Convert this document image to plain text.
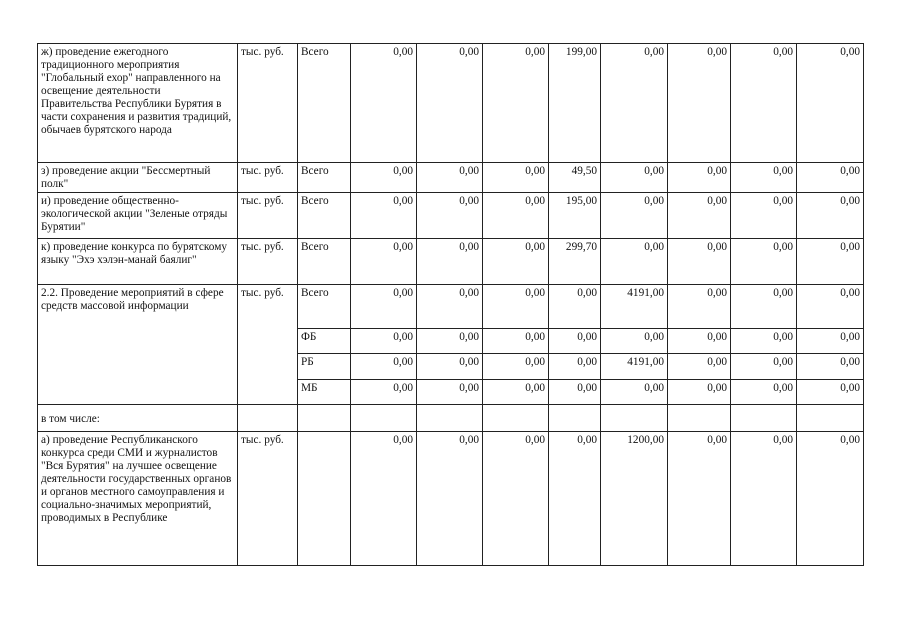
ж) проведение ежегодного традиционного мероприятия "Глобальный ехор" направленного на освещение деятельности Правительства Республики Бурятия в части сохранения и развития традиций, обычаев бурятского народа	тыс. руб.	Всего	0,00	0,00	0,00	199,00	0,00	0,00	0,00	0,00
з) проведение акции "Бессмертный полк"	тыс. руб.	Всего	0,00	0,00	0,00	49,50	0,00	0,00	0,00	0,00
и) проведение общественно-экологической акции "Зеленые отряды Бурятии"	тыс. руб.	Всего	0,00	0,00	0,00	195,00	0,00	0,00	0,00	0,00
к) проведение конкурса по бурятскому языку "Эхэ хэлэн-манай баялиг"	тыс. руб.	Всего	0,00	0,00	0,00	299,70	0,00	0,00	0,00	0,00
2.2. Проведение мероприятий в сфере средств массовой информации	тыс. руб.	Всего	0,00	0,00	0,00	0,00	4191,00	0,00	0,00	0,00
		ФБ	0,00	0,00	0,00	0,00	0,00	0,00	0,00	0,00
		РБ	0,00	0,00	0,00	0,00	4191,00	0,00	0,00	0,00
		МБ	0,00	0,00	0,00	0,00	0,00	0,00	0,00	0,00
в том числе:										
а) проведение Республиканского конкурса среди СМИ и журналистов "Вся Бурятия" на лучшее освещение деятельности государственных органов и органов местного самоуправления и социально-значимых мероприятий, проводимых в Республике	тыс. руб.		0,00	0,00	0,00	0,00	1200,00	0,00	0,00	0,00
